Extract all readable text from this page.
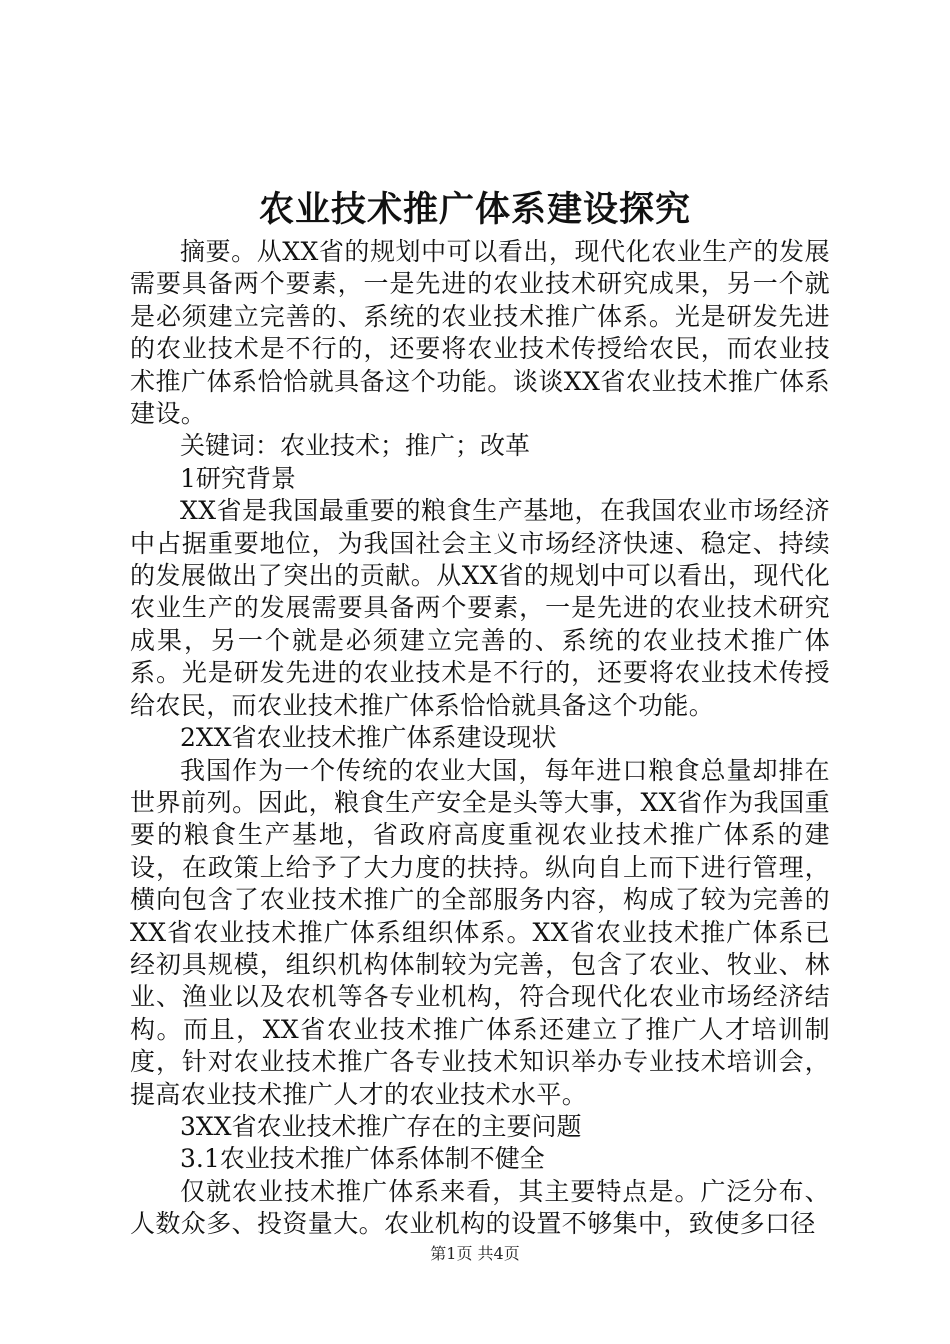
农业技术推广体系建设探究

摘要。从XX省的规划中可以看出，现代化农业生产的发展需要具备两个要素，一是先进的农业技术研究成果，另一个就是必须建立完善的、系统的农业技术推广体系。光是研发先进的农业技术是不行的，还要将农业技术传授给农民，而农业技术推广体系恰恰就具备这个功能。谈谈XX省农业技术推广体系建设。

关键词：农业技术；推广；改革

1研究背景

XX省是我国最重要的粮食生产基地，在我国农业市场经济中占据重要地位，为我国社会主义市场经济快速、稳定、持续的发展做出了突出的贡献。从XX省的规划中可以看出，现代化农业生产的发展需要具备两个要素，一是先进的农业技术研究成果，另一个就是必须建立完善的、系统的农业技术推广体系。光是研发先进的农业技术是不行的，还要将农业技术传授给农民，而农业技术推广体系恰恰就具备这个功能。

2XX省农业技术推广体系建设现状

我国作为一个传统的农业大国，每年进口粮食总量却排在世界前列。因此，粮食生产安全是头等大事，XX省作为我国重要的粮食生产基地，省政府高度重视农业技术推广体系的建设，在政策上给予了大力度的扶持。纵向自上而下进行管理，横向包含了农业技术推广的全部服务内容，构成了较为完善的XX省农业技术推广体系组织体系。XX省农业技术推广体系已经初具规模，组织机构体制较为完善，包含了农业、牧业、林业、渔业以及农机等各专业机构，符合现代化农业市场经济结构。而且，XX省农业技术推广体系还建立了推广人才培训制度，针对农业技术推广各专业技术知识举办专业技术培训会，提高农业技术推广人才的农业技术水平。

3XX省农业技术推广存在的主要问题

3.1农业技术推广体系体制不健全

仅就农业技术推广体系来看，其主要特点是。广泛分布、人数众多、投资量大。农业机构的设置不够集中，致使多口径

第1页 共4页
